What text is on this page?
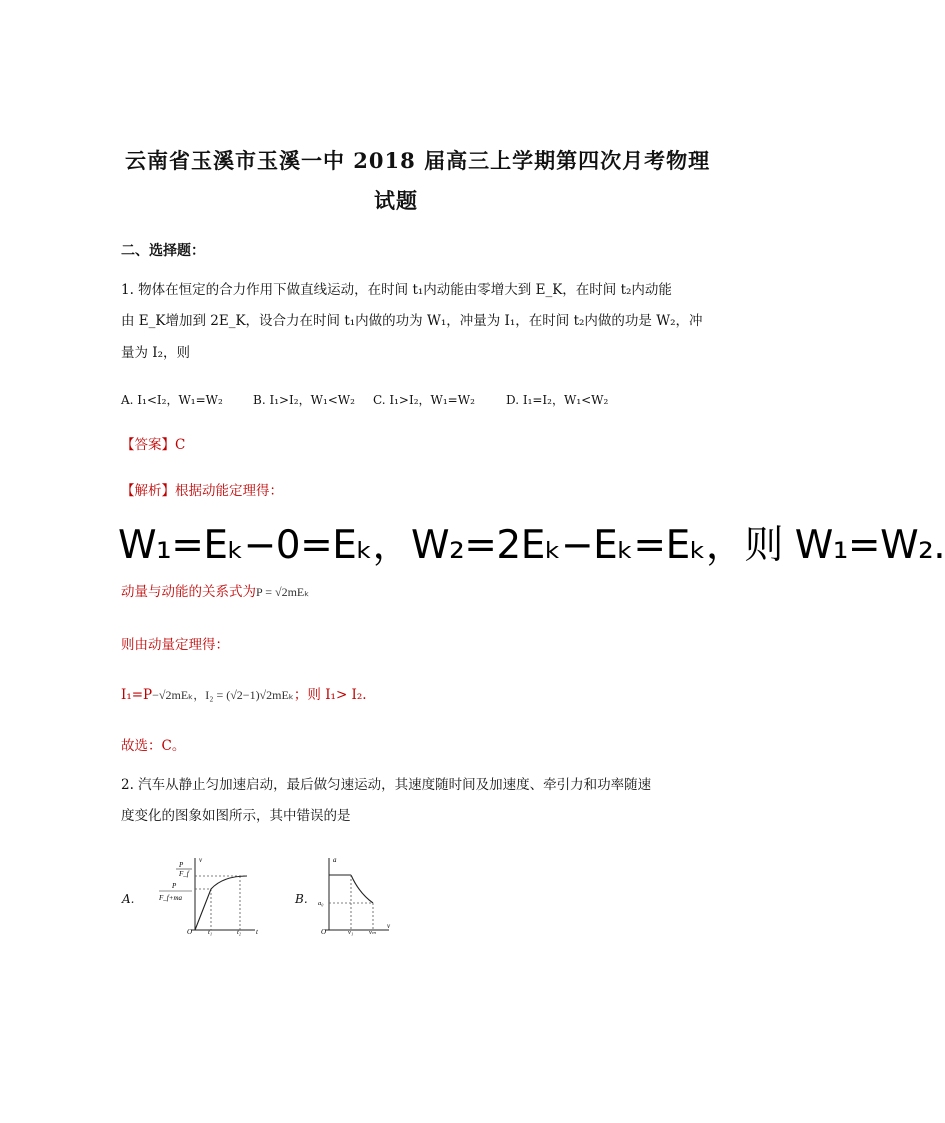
云南省玉溪市玉溪一中 2018 届高三上学期第四次月考物理
试题
二、选择题：
1. 物体在恒定的合力作用下做直线运动，在时间 t₁内动能由零增大到 E_K，在时间 t₂内动能
由 E_K增加到 2E_K，设合力在时间 t₁内做的功为 W₁，冲量为 I₁，在时间 t₂内做的功是 W₂，冲
量为 I₂，则
A. I₁<I₂，W₁=W₂	B. I₁>I₂，W₁<W₂ C. I₁>I₂，W₁=W₂	D. I₁=I₂，W₁<W₂
【答案】C
【解析】根据动能定理得：
W₁=Eₖ−0=Eₖ，W₂=2Eₖ−Eₖ=Eₖ，则 W₁=W₂.
动量与动能的关系式为P = √2mEₖ
则由动量定理得：
I₁=P−√2mEₖ，I₂ = (√2−1)√2mEₖ；则 I₁> I₂.
故选：C。
2. 汽车从静止匀加速启动，最后做匀速运动，其速度随时间及加速度、牵引力和功率随速
度变化的图象如图所示，其中错误的是
A.
v
t
O
P
F_f
P
F_f+ma
t₁	t₂
B.
a
v
O
a₀
v₁ vₘ
